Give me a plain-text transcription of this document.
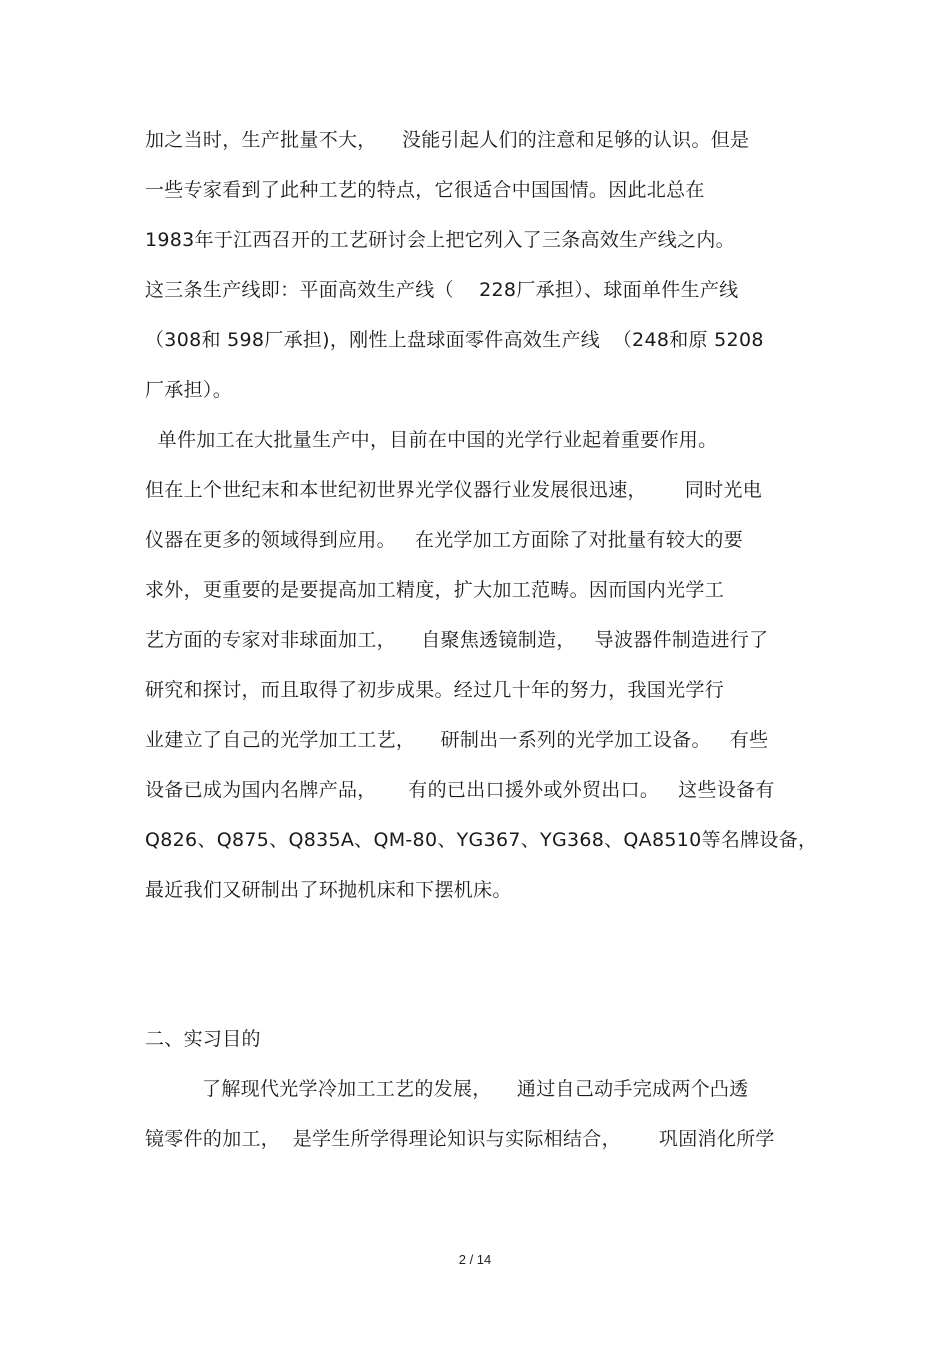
加之当时，生产批量不大，    没能引起人们的注意和足够的认识。但是
一些专家看到了此种工艺的特点，它很适合中国国情。因此北总在
1983年于江西召开的工艺研讨会上把它列入了三条高效生产线之内。
这三条生产线即：平面高效生产线（    228厂承担）、球面单件生产线
（308和 598厂承担)，刚性上盘球面零件高效生产线  （248和原 5208
厂承担）。
单件加工在大批量生产中，目前在中国的光学行业起着重要作用。
但在上个世纪末和本世纪初世界光学仪器行业发展很迅速，      同时光电
仪器在更多的领域得到应用。   在光学加工方面除了对批量有较大的要
求外，更重要的是要提高加工精度，扩大加工范畴。因而国内光学工
艺方面的专家对非球面加工，    自聚焦透镜制造，   导波器件制造进行了
研究和探讨，而且取得了初步成果。经过几十年的努力，我国光学行
业建立了自己的光学加工工艺，    研制出一系列的光学加工设备。   有些
设备已成为国内名牌产品，     有的已出口援外或外贸出口。   这些设备有
Q826、Q875、Q835A、QM-80、YG367、YG368、QA8510等名牌设备，
最近我们又研制出了环抛机床和下摆机床。
二、实习目的
了解现代光学冷加工工艺的发展，    通过自己动手完成两个凸透
镜零件的加工，  是学生所学得理论知识与实际相结合，      巩固消化所学
2 / 14
